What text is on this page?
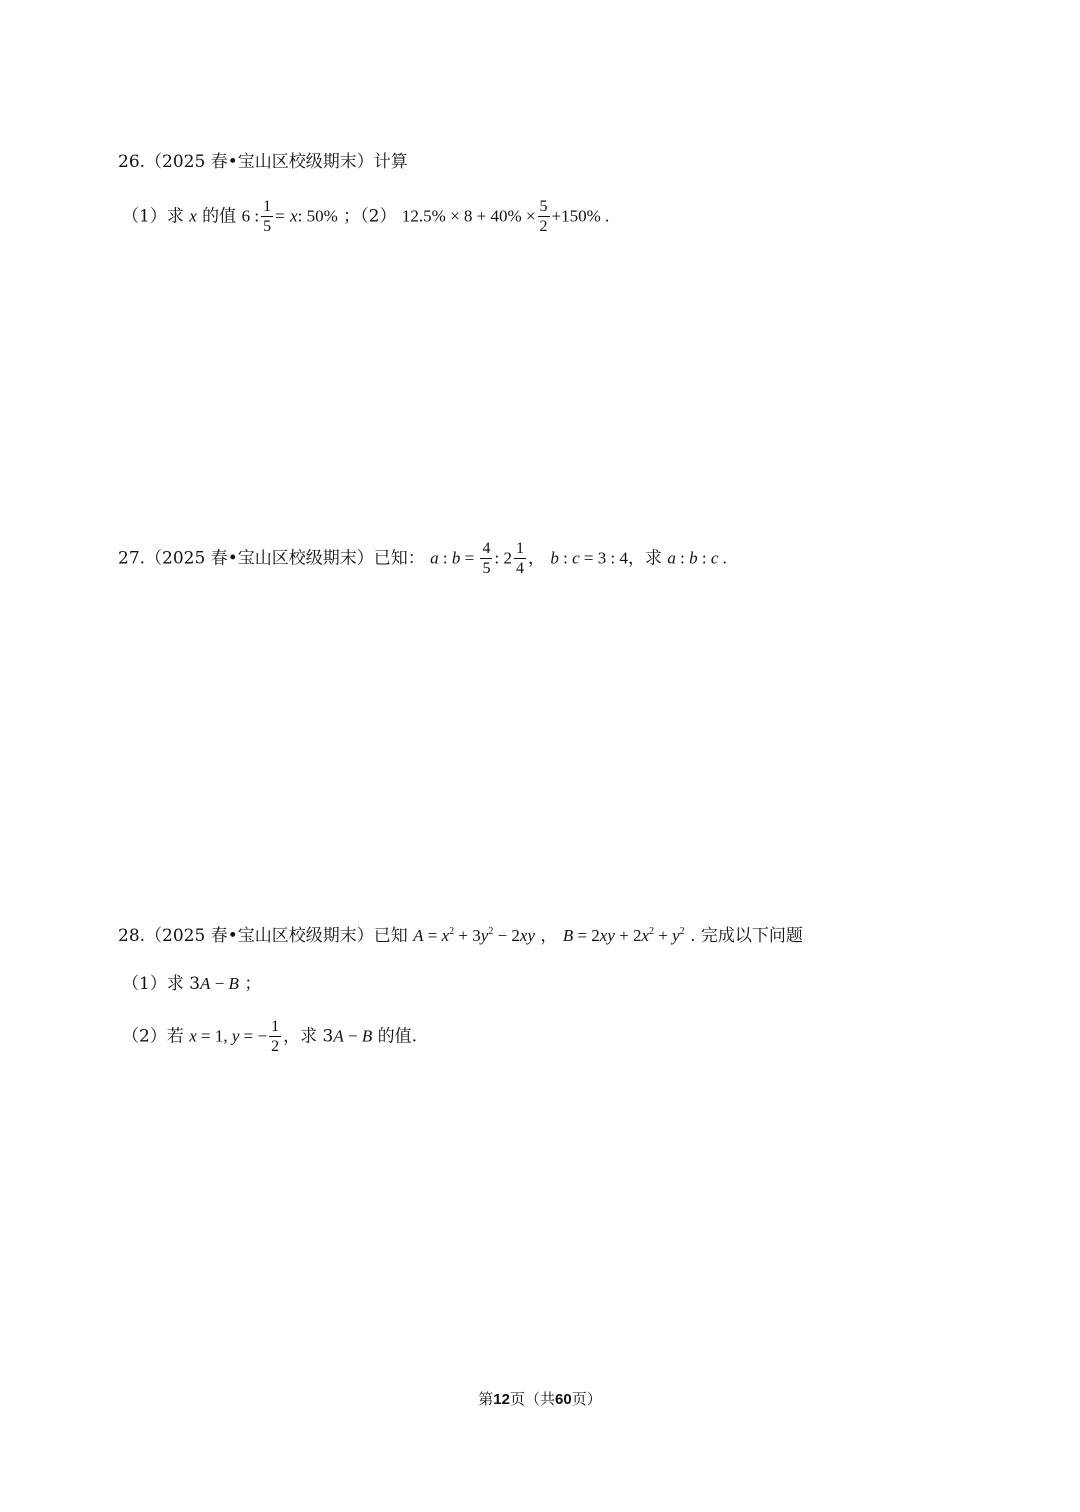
26.（2025 春•宝山区校级期末）计算
（1）求 x 的值 6 : $\frac{1}{5} = x$: 50% ；（2） $12.5\% \times 8 + 40\% \times \frac{5}{2} +150\%$ .
27.（2025 春•宝山区校级期末）已知： a : $b = \frac{4}{5}$ : $2 \frac{1}{4}$ ， b : c = 3 : 4，求 a : b : c .
28.（2025 春•宝山区校级期末）已知 $A = x^2 + 3y^2 - 2xy$ ， $B = 2xy + 2x^2 + y^2$ . 完成以下问题
（1）求 3A − B ；
（2）若 x = 1, y = − $\frac{1}{2}$ ，求 3A − B 的值.
第12页（共60页）
